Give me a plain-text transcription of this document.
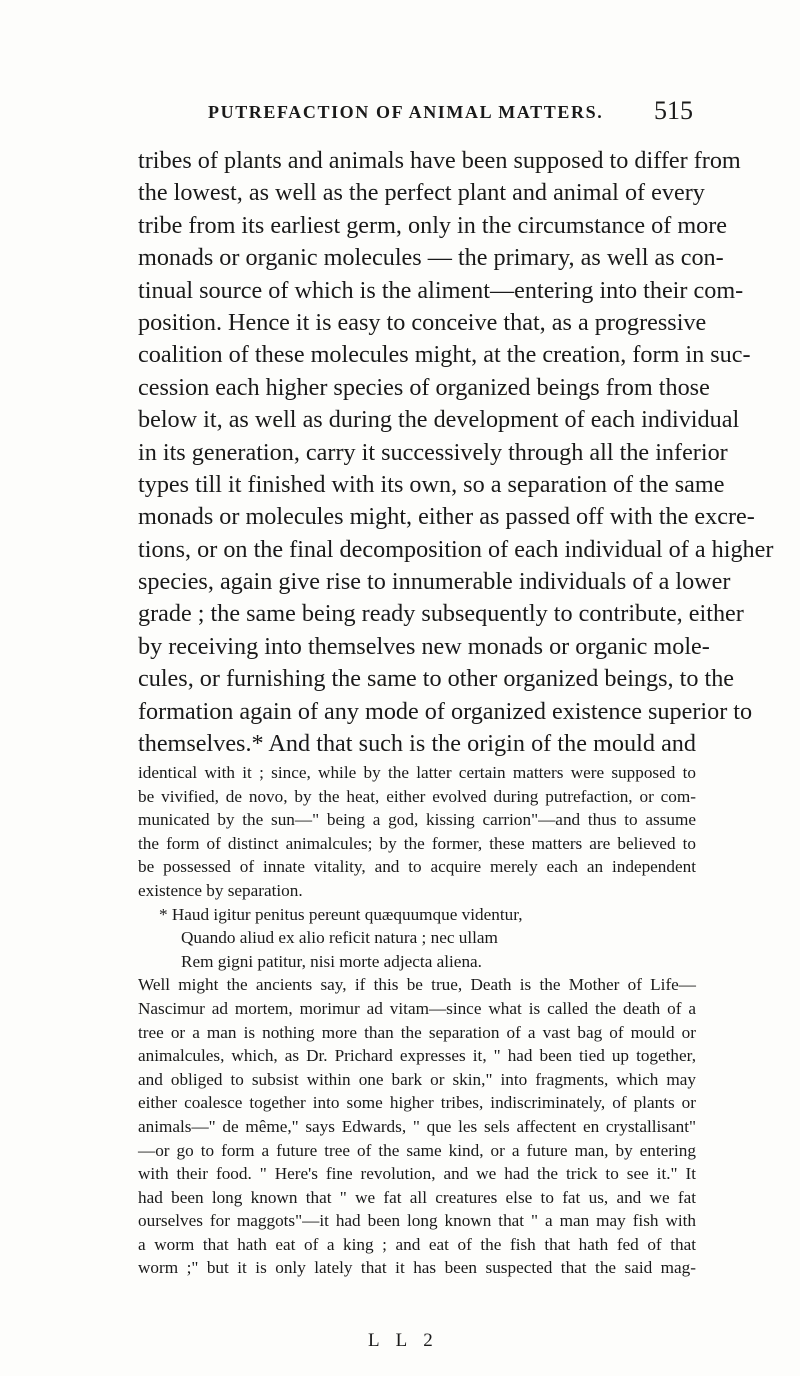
PUTREFACTION OF ANIMAL MATTERS. 515
tribes of plants and animals have been supposed to differ from
the lowest, as well as the perfect plant and animal of every
tribe from its earliest germ, only in the circumstance of more
monads or organic molecules — the primary, as well as con-
tinual source of which is the aliment—entering into their com-
position. Hence it is easy to conceive that, as a progressive
coalition of these molecules might, at the creation, form in suc-
cession each higher species of organized beings from those
below it, as well as during the development of each individual
in its generation, carry it successively through all the inferior
types till it finished with its own, so a separation of the same
monads or molecules might, either as passed off with the excre-
tions, or on the final decomposition of each individual of a higher
species, again give rise to innumerable individuals of a lower
grade ; the same being ready subsequently to contribute, either
by receiving into themselves new monads or organic mole-
cules, or furnishing the same to other organized beings, to the
formation again of any mode of organized existence superior to
themselves.* And that such is the origin of the mould and
identical with it ; since, while by the latter certain matters were supposed to
be vivified, de novo, by the heat, either evolved during putrefaction, or com-
municated by the sun—" being a god, kissing carrion"—and thus to assume
the form of distinct animalcules; by the former, these matters are believed to
be possessed of innate vitality, and to acquire merely each an independent
existence by separation.
* Haud igitur penitus pereunt quæquumque videntur,
Quando aliud ex alio reficit natura ; nec ullam
Rem gigni patitur, nisi morte adjecta aliena.
Well might the ancients say, if this be true, Death is the Mother of Life—
Nascimur ad mortem, morimur ad vitam—since what is called the death of a
tree or a man is nothing more than the separation of a vast bag of mould or
animalcules, which, as Dr. Prichard expresses it, " had been tied up together,
and obliged to subsist within one bark or skin," into fragments, which may
either coalesce together into some higher tribes, indiscriminately, of plants or
animals—" de même," says Edwards, " que les sels affectent en crystallisant"
—or go to form a future tree of the same kind, or a future man, by entering
with their food. " Here's fine revolution, and we had the trick to see it." It
had been long known that " we fat all creatures else to fat us, and we fat
ourselves for maggots"—it had been long known that " a man may fish with
a worm that hath eat of a king ; and eat of the fish that hath fed of that
worm ;" but it is only lately that it has been suspected that the said mag-
L L 2
